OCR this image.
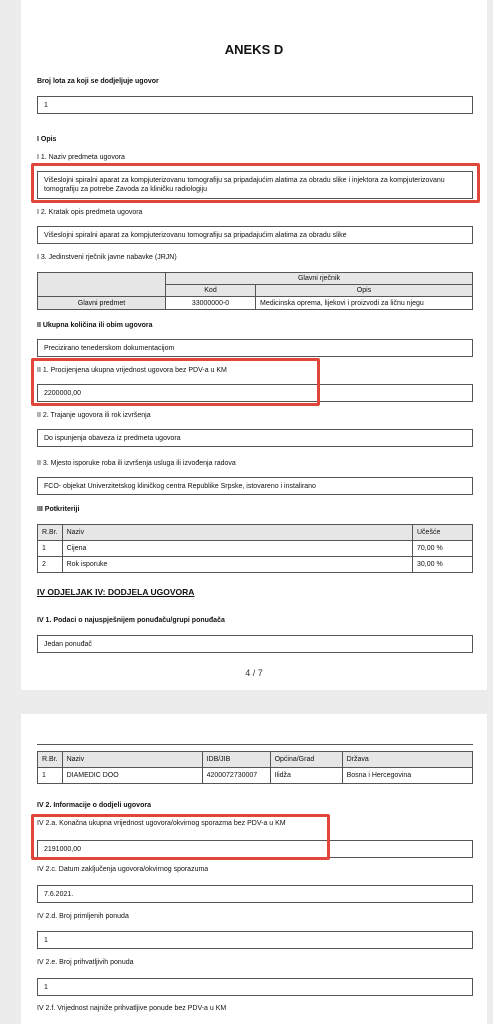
ANEKS D
Broj lota za koji se dodjeljuje ugovor
1
I Opis
I 1. Naziv predmeta ugovora
Višeslojni spiralni aparat za kompjuterizovanu tomografiju sa pripadajućim alatima za obradu slike i injektora za kompjuterizovanu tomografiju za potrebe Zavoda za kliničku radiologiju
I 2. Kratak opis predmeta ugovora
Višeslojni spiralni aparat za kompjuterizovanu tomografiju sa pripadajućim alatima za obradu slike
I 3. Jedinstveni rječnik javne nabavke (JRJN)
	Glavni rječnik	
	Kod	Opis
Glavni predmet	33000000-0	Medicinska oprema, lijekovi i proizvodi za ličnu njegu
II Ukupna količina ili obim ugovora
Precizirano tenederskom dokumentacijom
II 1. Procijenjena ukupna vrijednost ugovora bez PDV-a u KM
2200000,00
II 2. Trajanje ugovora ili rok izvršenja
Do ispunjenja obaveza iz predmeta ugovora
II 3. Mjesto isporuke roba ili izvršenja usluga ili izvođenja radova
FCO- objekat Univerzitetskog kliničkog centra Republike Srpske, istovareno i instalirano
III Potkriteriji
R.Br.	Naziv	Učešće
1	Cijena	70,00 %
2	Rok isporuke	30,00 %
IV ODJELJAK IV: DODJELA UGOVORA
IV 1. Podaci o najuspješnijem ponuđaču/grupi ponuđača
Jedan ponuđač
4 / 7
R.Br.	Naziv	IDB/JIB	Općina/Grad	Država
1	DIAMEDIC DOO	4200072730007	Ilidža	Bosna i Hercegovina
IV 2. Informacije o dodjeli ugovora
IV 2.a. Konačna ukupna vrijednost ugovora/okvirnog sporazma bez PDV-a u KM
2191000,00
IV 2.c. Datum zaključenja ugovora/okvirnog sporazuma
7.6.2021.
IV 2.d. Broj primljenih ponuda
1
IV 2.e. Broj prihvatljivih ponuda
1
IV 2.f. Vrijednost najniže prihvatljive ponude bez PDV-a u KM
